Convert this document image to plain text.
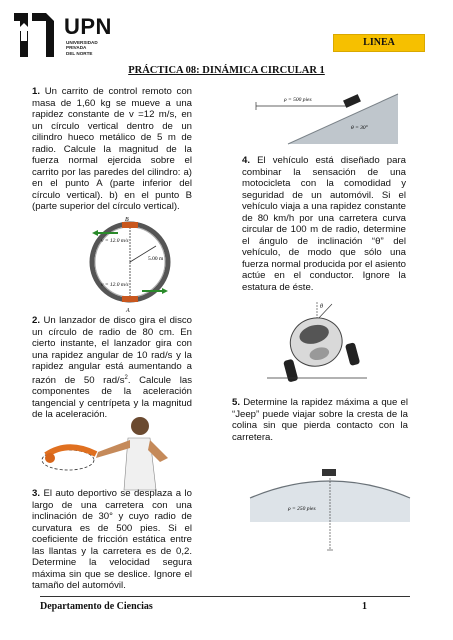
UPN
UNIVERSIDAD
PRIVADA
DEL NORTE
LINEA
PRÁCTICA 08: DINÁMICA CIRCULAR 1
1. Un carrito de control remoto con masa de 1,60 kg se mueve a una rapidez constante de v =12 m/s, en un círculo vertical dentro de un cilindro hueco metálico de 5 m de radio. Calcule la magnitud de la fuerza normal ejercida sobre el carrito por las paredes del cilindro: a) en el punto A (parte inferior del círculo vertical). b) en el punto B (parte superior del círculo vertical).
B
A
v = 12.0 m/s
v = 12.0 m/s
5.00 m
2. Un lanzador de disco gira el disco un círculo de radio de 80 cm. En cierto instante, el lanzador gira con una rapidez angular de 10 rad/s y la rapidez angular está aumentando a razón de 50 rad/$s^2$. Calcule las componentes de la aceleración tangencial y centrípeta y la magnitud de la aceleración.
3. El auto deportivo se desplaza a lo largo de una carretera con una inclinación de 30° y cuyo radio de curvatura es de 500 pies. Si el coeficiente de fricción estática entre las llantas y la carretera es de 0,2. Determine la velocidad segura máxima sin que se deslice. Ignore el tamaño del automóvil.
ρ = 500 pies
θ = 30°
4. El vehículo está diseñado para combinar la sensación de una motocicleta con la comodidad y seguridad de un automóvil. Si el vehículo viaja a una rapidez constante de 80 km/h por una carretera curva circular de 100 m de radio, determine el ángulo de inclinación “θ” del vehículo, de modo que sólo una fuerza normal producida por el asiento actúe en el conductor. Ignore la estatura de éste.
θ
5. Determine la rapidez máxima a que el “Jeep” puede viajar sobre la cresta de la colina sin que pierda contacto con la carretera.
ρ = 250 pies
Departamento de Ciencias	1
